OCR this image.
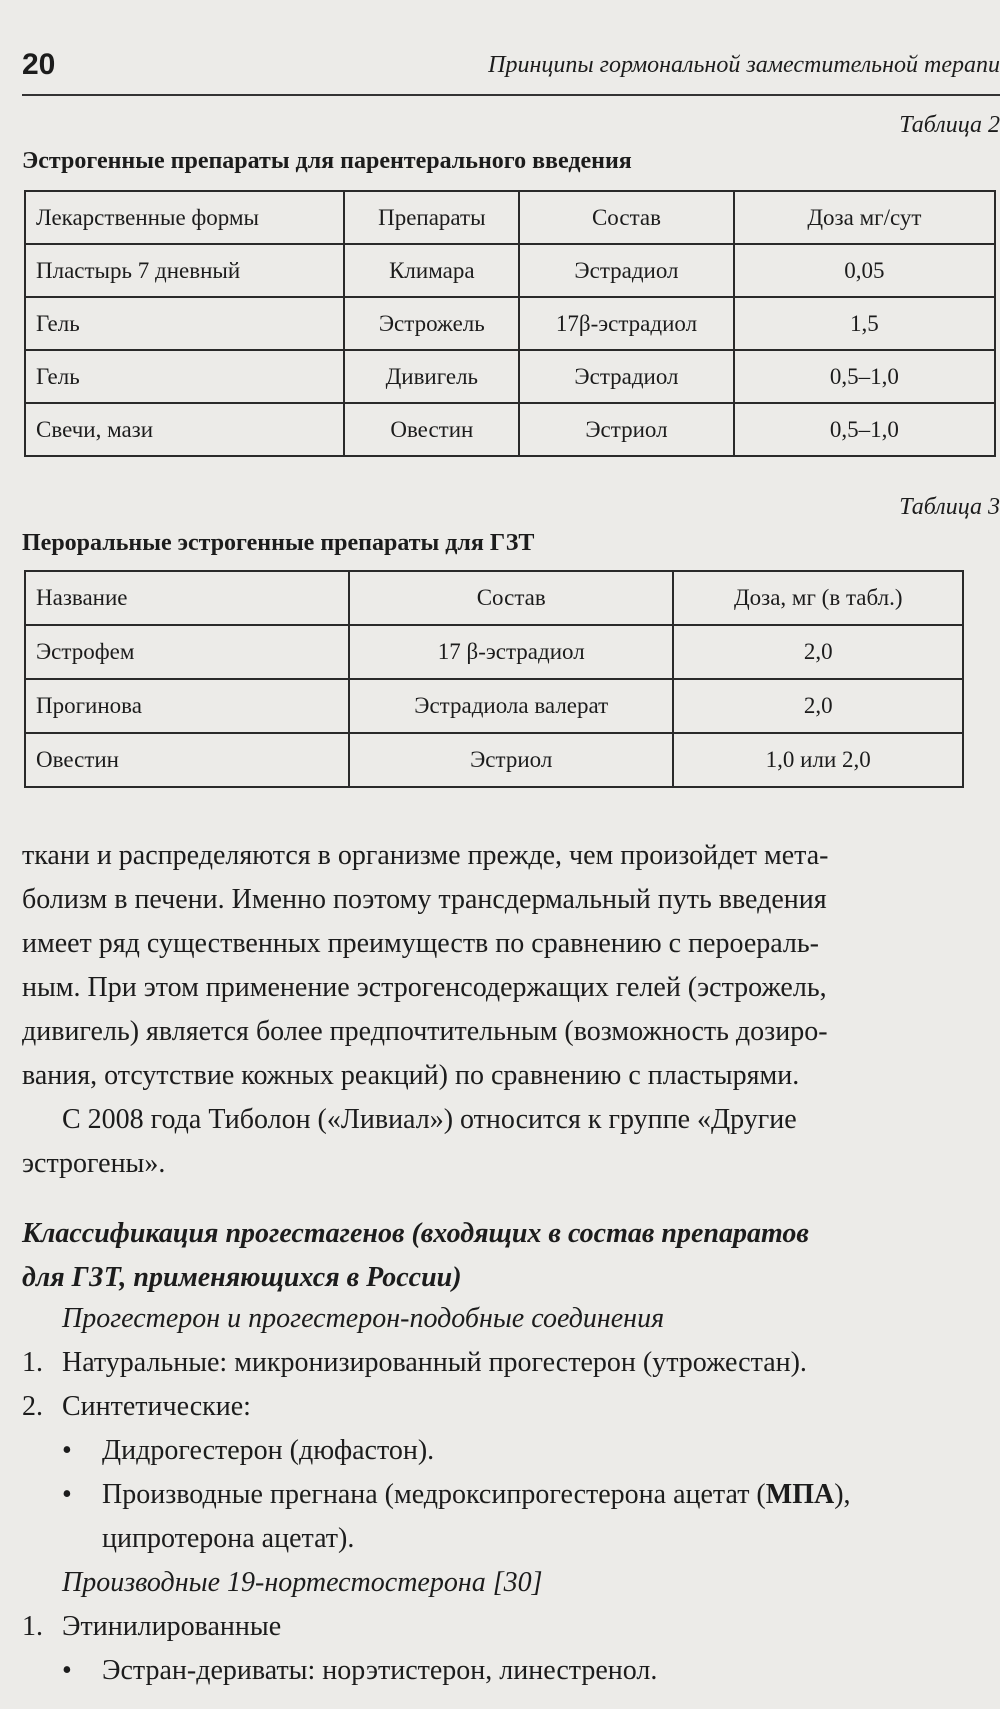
20	Принципы гормональной заместительной терапи
Таблица 2
Эстрогенные препараты для парентерального введения
Лекарственные формы	Препараты	Состав	Доза мг/сут
Пластырь 7 дневный	Климара	Эстрадиол	0,05
Гель	Эстрожель	17β-эстрадиол	1,5
Гель	Дивигель	Эстрадиол	0,5–1,0
Свечи, мази	Овестин	Эстриол	0,5–1,0
Таблица 3
Пероральные эстрогенные препараты для ГЗТ
Название	Состав	Доза, мг (в табл.)
Эстрофем	17 β-эстрадиол	2,0
Прогинова	Эстрадиола валерат	2,0
Овестин	Эстриол	1,0 или 2,0

ткани и распределяются в организме прежде, чем произойдет мета-
болизм в печени. Именно поэтому трансдермальный путь введения
имеет ряд существенных преимуществ по сравнению с пероераль-
ным. При этом применение эстрогенсодержащих гелей (эстрожель,
дивигель) является более предпочтительным (возможность дозиро-
вания, отсутствие кожных реакций) по сравнению с пластырями.

С 2008 года Тиболон («Ливиал») относится к группе «Другие
эстрогены».

Классификация прогестагенов (входящих в состав препаратов
для ГЗТ, применяющихся в России)

Прогестерон и прогестерон-подобные соединения

1. Натуральные: микронизированный прогестерон (утрожестан).

2. Синтетические:

• Дидрогестерон (дюфастон).

• Производные прегнана (медроксипрогестерона ацетат (МПА),

ципротерона ацетат).

Производные 19-нортестостерона [30]

1. Этинилированные

• Эстран-дериваты: норэтистерон, линестренол.
